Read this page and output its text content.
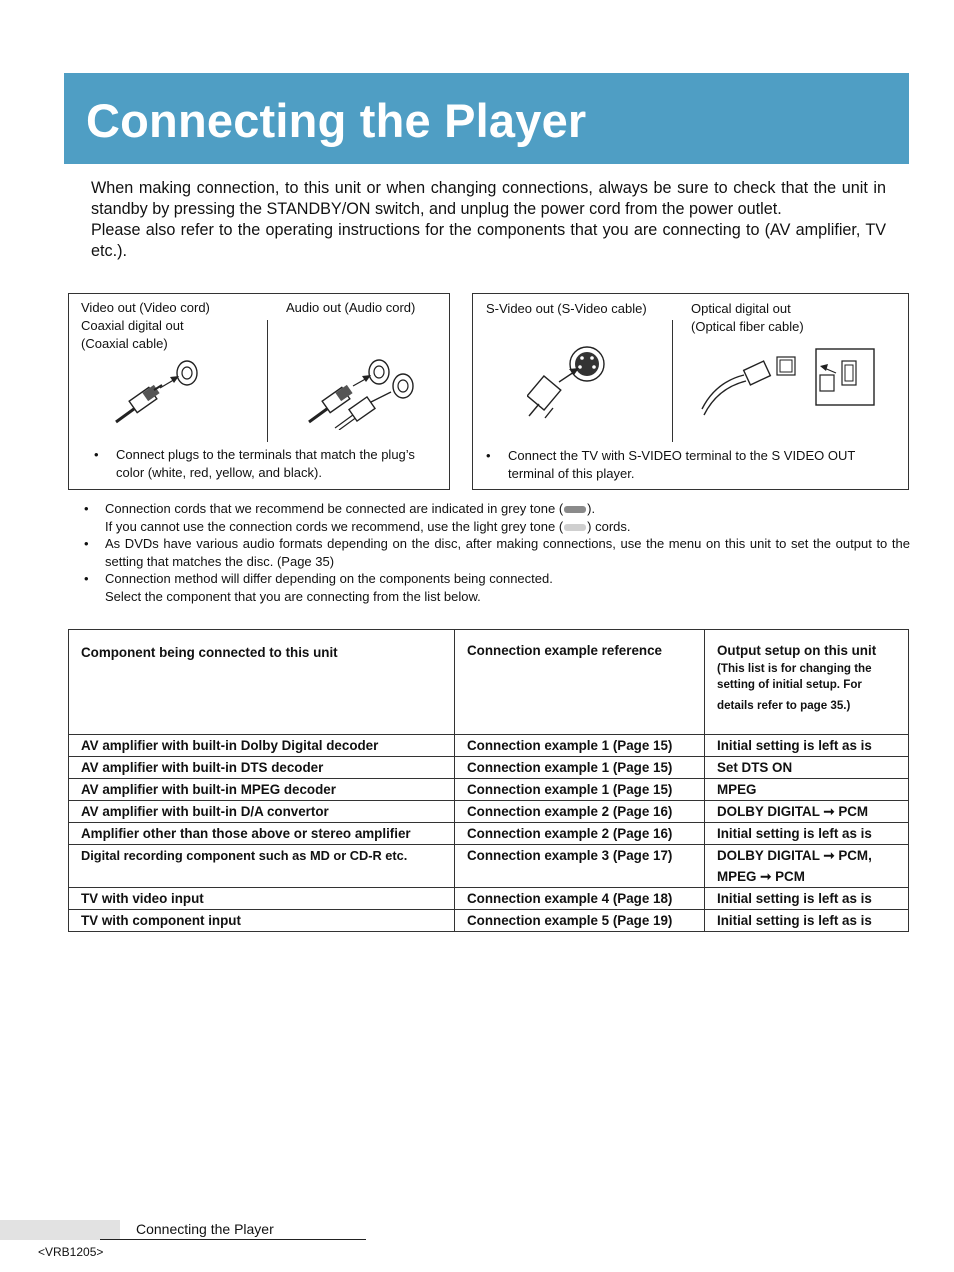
Connecting the Player

When making connection, to this unit or when changing connections, always be sure to check that the unit in standby by pressing the STANDBY/ON switch, and unplug the power cord from the power outlet.

Please also refer to the operating instructions for the components that you are connecting to (AV amplifier, TV etc.).

Video out (Video cord)
Coaxial digital out
(Coaxial cable)
Audio out (Audio cord)
•	Connect plugs to the terminals that match the plug’s color (white, red, yellow, and black).
S-Video out (S-Video cable)	Optical digital out
(Optical fiber cable)
•	Connect the TV with S-VIDEO terminal to the S VIDEO OUT terminal of this player.
•	Connection cords that we recommend be connected are indicated in grey tone ( ).
If you cannot use the connection cords we recommend, use the light grey tone ( ) cords.
•	As DVDs have various audio formats depending on the disc, after making connections, use the menu on this unit to set the output to the setting that matches the disc. (Page 35)
•	Connection method will differ depending on the components being connected.
Select the component that you are connecting from the list below.
Component being connected to this unit	Connection example reference	Output setup on this unit
(This list is for changing the setting of initial setup. For
details refer to page 35.)

AV amplifier with built-in Dolby Digital decoder	Connection example 1 (Page 15)	Initial setting is left as is
AV amplifier with built-in DTS decoder	Connection example 1 (Page 15)	Set DTS ON
AV amplifier with built-in MPEG decoder	Connection example 1 (Page 15)	MPEG
AV amplifier with built-in D/A convertor	Connection example 2 (Page 16)	DOLBY DIGITAL ➞ PCM
Amplifier other than those above or stereo amplifier	Connection example 2 (Page 16)	Initial setting is left as is
Digital recording component such as MD or CD-R etc.	Connection example 3 (Page 17)	DOLBY DIGITAL ➞ PCM,
MPEG ➞ PCM

TV with video input	Connection example 4 (Page 18)	Initial setting is left as is
TV with component input	Connection example 5 (Page 19)	Initial setting is left as is
Connecting the Player
<VRB1205>
